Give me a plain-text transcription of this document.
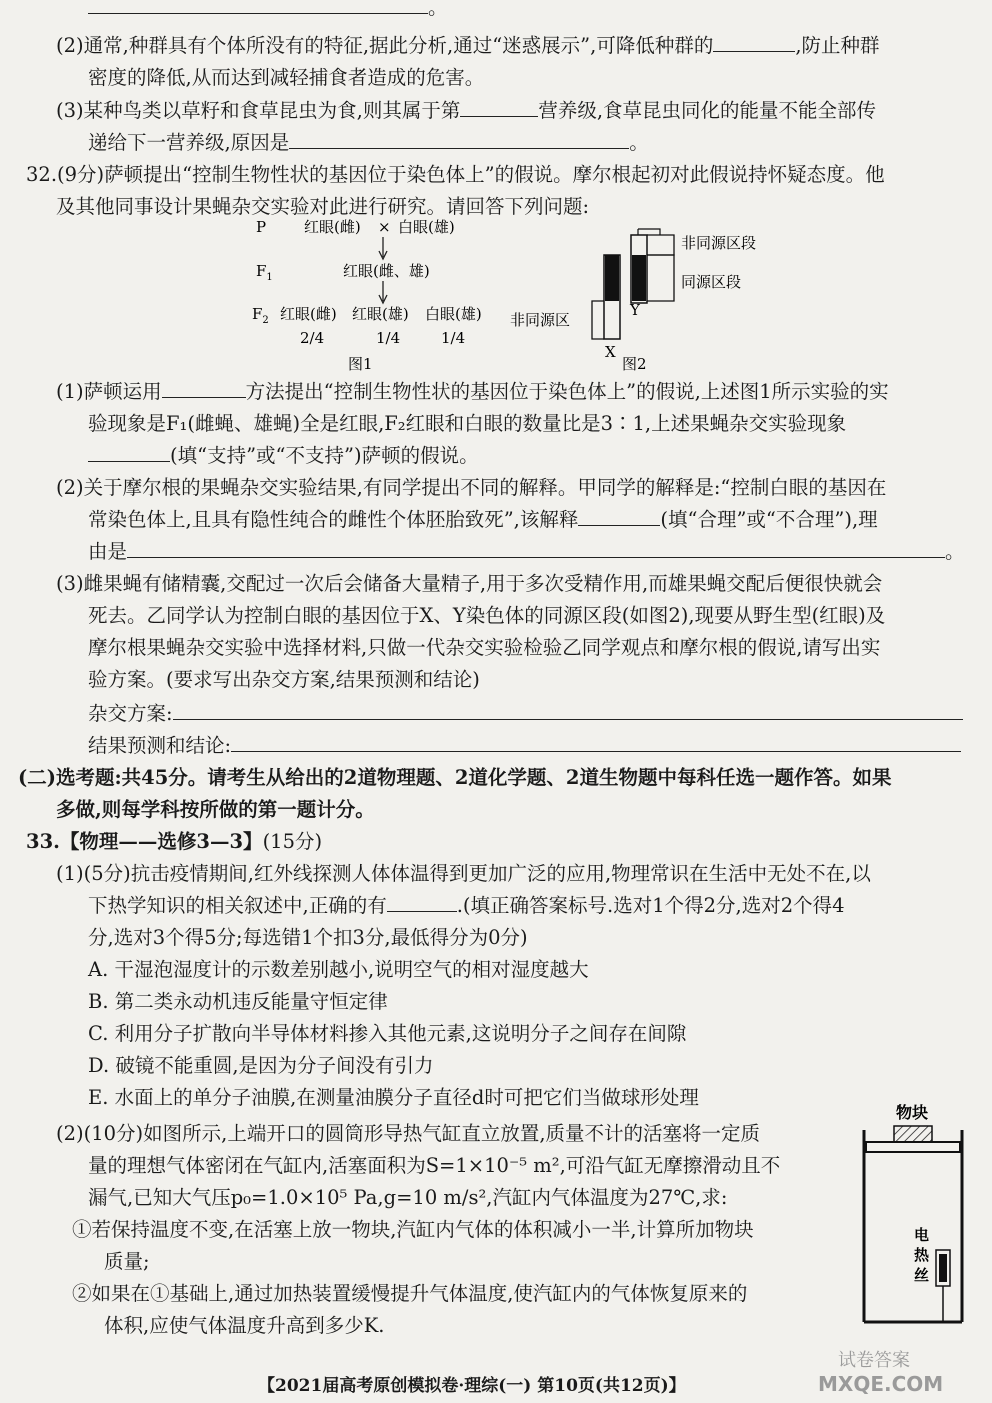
。
(2)通常,种群具有个体所没有的特征,据此分析,通过“迷惑展示”,可降低种群的	,防止种群
密度的降低,从而达到减轻捕食者造成的危害。
(3)某种鸟类以草籽和食草昆虫为食,则其属于第	营养级,食草昆虫同化的能量不能全部传
递给下一营养级,原因是	。
32.(9分)萨顿提出“控制生物性状的基因位于染色体上”的假说。摩尔根起初对此假说持怀疑态度。他
及其他同事设计果蝇杂交实验对此进行研究。请回答下列问题:
P	红眼(雌) × 白眼(雄)
$F_1$	红眼(雌、雄)
$F_2$ 红眼(雌) 红眼(雄) 白眼(雄)
2/4	1/4	1/4
图1
非同源区段
同源区段
非同源区
X
Y
图2
(1)萨顿运用	方法提出“控制生物性状的基因位于染色体上”的假说,上述图1所示实验的实
验现象是F₁(雌蝇、雄蝇)全是红眼,F₂红眼和白眼的数量比是3∶1,上述果蝇杂交实验现象
(填“支持”或“不支持”)萨顿的假说。
(2)关于摩尔根的果蝇杂交实验结果,有同学提出不同的解释。甲同学的解释是:“控制白眼的基因在
常染色体上,且具有隐性纯合的雌性个体胚胎致死”,该解释	(填“合理”或“不合理”),理
由是	。
(3)雌果蝇有储精囊,交配过一次后会储备大量精子,用于多次受精作用,而雄果蝇交配后便很快就会
死去。乙同学认为控制白眼的基因位于X、Y染色体的同源区段(如图2),现要从野生型(红眼)及
摩尔根果蝇杂交实验中选择材料,只做一代杂交实验检验乙同学观点和摩尔根的假说,请写出实
验方案。(要求写出杂交方案,结果预测和结论)
杂交方案:
结果预测和结论:
(二)选考题:共45分。请考生从给出的2道物理题、2道化学题、2道生物题中每科任选一题作答。如果
多做,则每学科按所做的第一题计分。
33.【物理——选修3—3】(15分)
(1)(5分)抗击疫情期间,红外线探测人体体温得到更加广泛的应用,物理常识在生活中无处不在,以
下热学知识的相关叙述中,正确的有	.(填正确答案标号.选对1个得2分,选对2个得4
分,选对3个得5分;每选错1个扣3分,最低得分为0分)
A. 干湿泡湿度计的示数差别越小,说明空气的相对湿度越大
B. 第二类永动机违反能量守恒定律
C. 利用分子扩散向半导体材料掺入其他元素,这说明分子之间存在间隙
D. 破镜不能重圆,是因为分子间没有引力
E. 水面上的单分子油膜,在测量油膜分子直径d时可把它们当做球形处理
(2)(10分)如图所示,上端开口的圆筒形导热气缸直立放置,质量不计的活塞将一定质
量的理想气体密闭在气缸内,活塞面积为S=1×10⁻⁵ m²,可沿气缸无摩擦滑动且不
漏气,已知大气压p₀=1.0×10⁵ Pa,g=10 m/s²,汽缸内气体温度为27℃,求:
①若保持温度不变,在活塞上放一物块,汽缸内气体的体积减小一半,计算所加物块
质量;
②如果在①基础上,通过加热装置缓慢提升气体温度,使汽缸内的气体恢复原来的
体积,应使气体温度升高到多少K.
物块
电
热
丝
【2021届高考原创模拟卷·理综(一) 第10页(共12页)】
试卷答案
MXQE.COM
